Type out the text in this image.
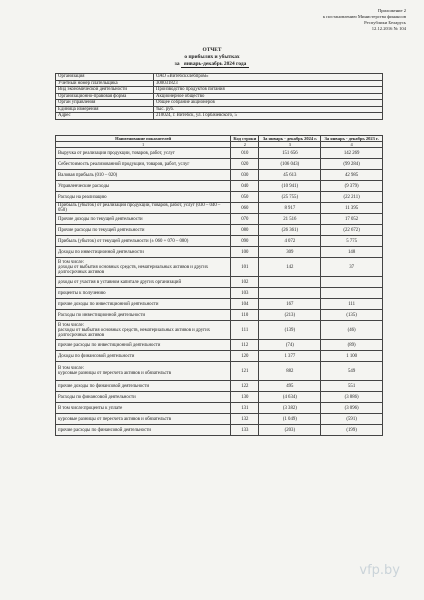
Приложение 2
к постановлению Министерства финансов
Республики Беларусь
12.12.2016 № 104
ОТЧЕТ
о прибылях и убытках
за январь-декабрь 2024 года
Организация	ОАО «Витебскхлебпром»
Учетный номер плательщика	300031823
Вид экономической деятельности	Производство продуктов питания
Организационно-правовая форма	Акционерное общество
Орган управления	Общее собрание акционеров
Единица измерения	тыс. руб.
Адрес	210024, г. Витебск, ул. Горбачевского, 5
Наименование показателей	Код строки	За январь - декабрь 2024 г.	За январь - декабрь 2023 г.
1	2	3	4
Выручка от реализации продукции, товаров, работ, услуг	010	151 656	142 269
Себестоимость реализованной продукции, товаров, работ, услуг	020	(106 043)	(99 284)
Валовая прибыль (010 – 020)	030	45 613	42 985
Управленческие расходы	040	(10 941)	(9 379)
Расходы на реализацию	050	(25 755)	(22 211)
Прибыль (убыток) от реализации продукции, товаров, работ, услуг (030 – 040 – 050)	060	8 917	11 395
Прочие доходы по текущей деятельности	070	21 516	17 052
Прочие расходы по текущей деятельности	080	(26 361)	(22 672)
Прибыль (убыток) от текущей деятельности (± 060 + 070 – 080)	090	4 072	5 775
Доходы по инвестиционной деятельности	100	309	148
В том числе:
доходы от выбытия основных средств, нематериальных активов и других долгосрочных активов	101	142	37
доходы от участия в уставном капитале других организаций	102		
проценты к получению	103		
прочие доходы по инвестиционной деятельности	104	167	111
Расходы по инвестиционной деятельности	110	(213)	(135)
В том числе:
расходы от выбытия основных средств, нематериальных активов и других долгосрочных активов	111	(139)	(46)
прочие расходы по инвестиционной деятельности	112	(74)	(89)
Доходы по финансовой деятельности	120	1 377	1 100
В том числе:
курсовые разницы от пересчета активов и обязательств	121	882	549
прочие доходы по финансовой деятельности	122	495	551
Расходы по финансовой деятельности	130	(4 634)	(3 886)
В том числе:проценты к уплате	131	(3 382)	(3 096)
курсовые разницы от пересчета активов и обязательств	132	(1 049)	(591)
прочие расходы по финансовой деятельности	133	(203)	(199)
vfp.by
